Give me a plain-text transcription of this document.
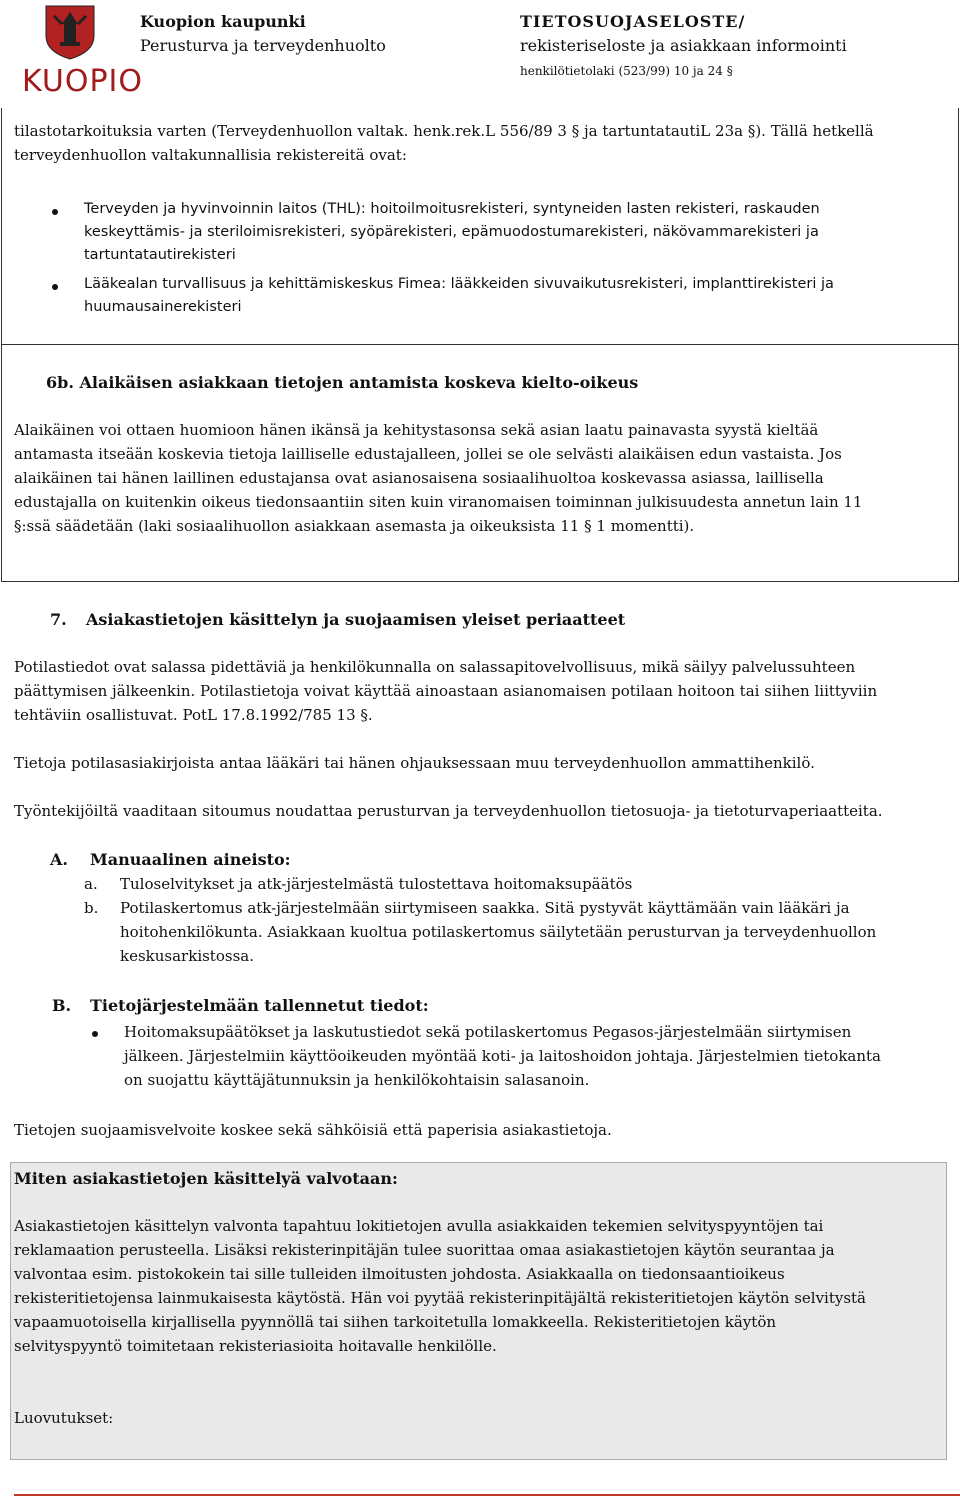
KUOPIO
Kuopion kaupunki
Perusturva ja terveydenhuolto
TIETOSUOJASELOSTE/
rekisteriseloste ja asiakkaan informointi
henkilötietolaki (523/99) 10 ja 24 §
tilastotarkoituksia varten (Terveydenhuollon valtak. henk.rek.L 556/89 3 § ja tartuntatautiL 23a §). Tällä hetkellä
terveydenhuollon valtakunnallisia rekistereitä ovat:
Terveyden ja hyvinvoinnin laitos (THL): hoitoilmoitusrekisteri, syntyneiden lasten rekisteri, raskauden
keskeyttämis- ja steriloimisrekisteri, syöpärekisteri, epämuodostumarekisteri, näkövammarekisteri ja
tartuntatautirekisteri
Lääkealan turvallisuus ja kehittämiskeskus Fimea: lääkkeiden sivuvaikutusrekisteri, implanttirekisteri ja
huumausainerekisteri
6b. Alaikäisen asiakkaan tietojen antamista koskeva kielto-oikeus
Alaikäinen voi ottaen huomioon hänen ikänsä ja kehitystasonsa sekä asian laatu painavasta syystä kieltää
antamasta itseään koskevia tietoja lailliselle edustajalleen, jollei se ole selvästi alaikäisen edun vastaista. Jos
alaikäinen tai hänen laillinen edustajansa ovat asianosaisena sosiaalihuoltoa koskevassa asiassa, laillisella
edustajalla on kuitenkin oikeus tiedonsaantiin siten kuin viranomaisen toiminnan julkisuudesta annetun lain 11
§:ssä säädetään (laki sosiaalihuollon asiakkaan asemasta ja oikeuksista 11 § 1 momentti).
7. Asiakastietojen käsittelyn ja suojaamisen yleiset periaatteet
Potilastiedot ovat salassa pidettäviä ja henkilökunnalla on salassapitovelvollisuus, mikä säilyy palvelussuhteen
päättymisen jälkeenkin. Potilastietoja voivat käyttää ainoastaan asianomaisen potilaan hoitoon tai siihen liittyviin
tehtäviin osallistuvat. PotL 17.8.1992/785 13 §.
Tietoja potilasasiakirjoista antaa lääkäri tai hänen ohjauksessaan muu terveydenhuollon ammattihenkilö.
Työntekijöiltä vaaditaan sitoumus noudattaa perusturvan ja terveydenhuollon tietosuoja- ja tietoturvaperiaatteita.
A. Manuaalinen aineisto:
a. Tuloselvitykset ja atk-järjestelmästä tulostettava hoitomaksupäätös
b. Potilaskertomus atk-järjestelmään siirtymiseen saakka. Sitä pystyvät käyttämään vain lääkäri ja
hoitohenkilökunta. Asiakkaan kuoltua potilaskertomus säilytetään perusturvan ja terveydenhuollon
keskusarkistossa.
B. Tietojärjestelmään tallennetut tiedot:
Hoitomaksupäätökset ja laskutustiedot sekä potilaskertomus Pegasos-järjestelmään siirtymisen
jälkeen. Järjestelmiin käyttöoikeuden myöntää koti- ja laitoshoidon johtaja. Järjestelmien tietokanta
on suojattu käyttäjätunnuksin ja henkilökohtaisin salasanoin.
Tietojen suojaamisvelvoite koskee sekä sähköisiä että paperisia asiakastietoja.
Miten asiakastietojen käsittelyä valvotaan:
Asiakastietojen käsittelyn valvonta tapahtuu lokitietojen avulla asiakkaiden tekemien selvityspyyntöjen tai
reklamaation perusteella. Lisäksi rekisterinpitäjän tulee suorittaa omaa asiakastietojen käytön seurantaa ja
valvontaa esim. pistokokein tai sille tulleiden ilmoitusten johdosta. Asiakkaalla on tiedonsaantioikeus
rekisteritietojensa lainmukaisesta käytöstä. Hän voi pyytää rekisterinpitäjältä rekisteritietojen käytön selvitystä
vapaamuotoisella kirjallisella pyynnöllä tai siihen tarkoitetulla lomakkeella. Rekisteritietojen käytön
selvityspyyntö toimitetaan rekisteriasioita hoitavalle henkilölle.
Luovutukset:
